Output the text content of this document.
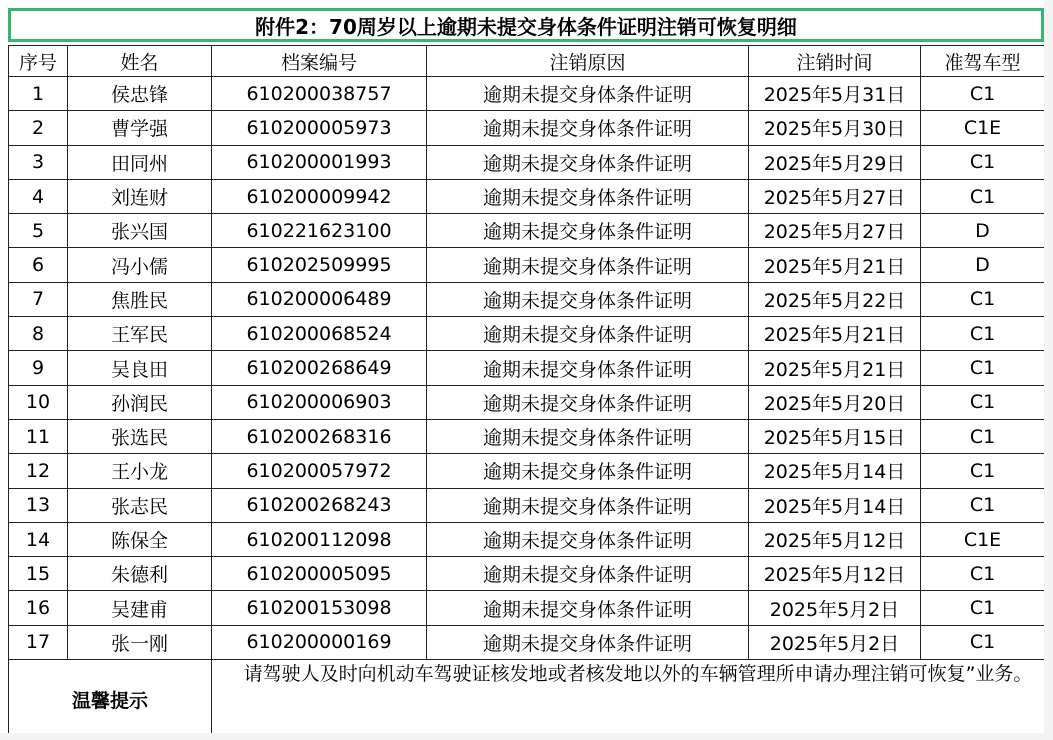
附件2：70周岁以上逾期未提交身体条件证明注销可恢复明细
序号	姓名	档案编号	注销原因	注销时间	准驾车型
1	侯忠锋	610200038757	逾期未提交身体条件证明	2025年5月31日	C1
2	曹学强	610200005973	逾期未提交身体条件证明	2025年5月30日	C1E
3	田同州	610200001993	逾期未提交身体条件证明	2025年5月29日	C1
4	刘连财	610200009942	逾期未提交身体条件证明	2025年5月27日	C1
5	张兴国	610221623100	逾期未提交身体条件证明	2025年5月27日	D
6	冯小儒	610202509995	逾期未提交身体条件证明	2025年5月21日	D
7	焦胜民	610200006489	逾期未提交身体条件证明	2025年5月22日	C1
8	王军民	610200068524	逾期未提交身体条件证明	2025年5月21日	C1
9	吴良田	610200268649	逾期未提交身体条件证明	2025年5月21日	C1
10	孙润民	610200006903	逾期未提交身体条件证明	2025年5月20日	C1
11	张选民	610200268316	逾期未提交身体条件证明	2025年5月15日	C1
12	王小龙	610200057972	逾期未提交身体条件证明	2025年5月14日	C1
13	张志民	610200268243	逾期未提交身体条件证明	2025年5月14日	C1
14	陈保全	610200112098	逾期未提交身体条件证明	2025年5月12日	C1E
15	朱德利	610200005095	逾期未提交身体条件证明	2025年5月12日	C1
16	吴建甫	610200153098	逾期未提交身体条件证明	2025年5月2日	C1
17	张一刚	610200000169	逾期未提交身体条件证明	2025年5月2日	C1
温馨提示		请驾驶人及时向机动车驾驶证核发地或者核发地以外的车辆管理所申请办理注销可恢复”业务。			
